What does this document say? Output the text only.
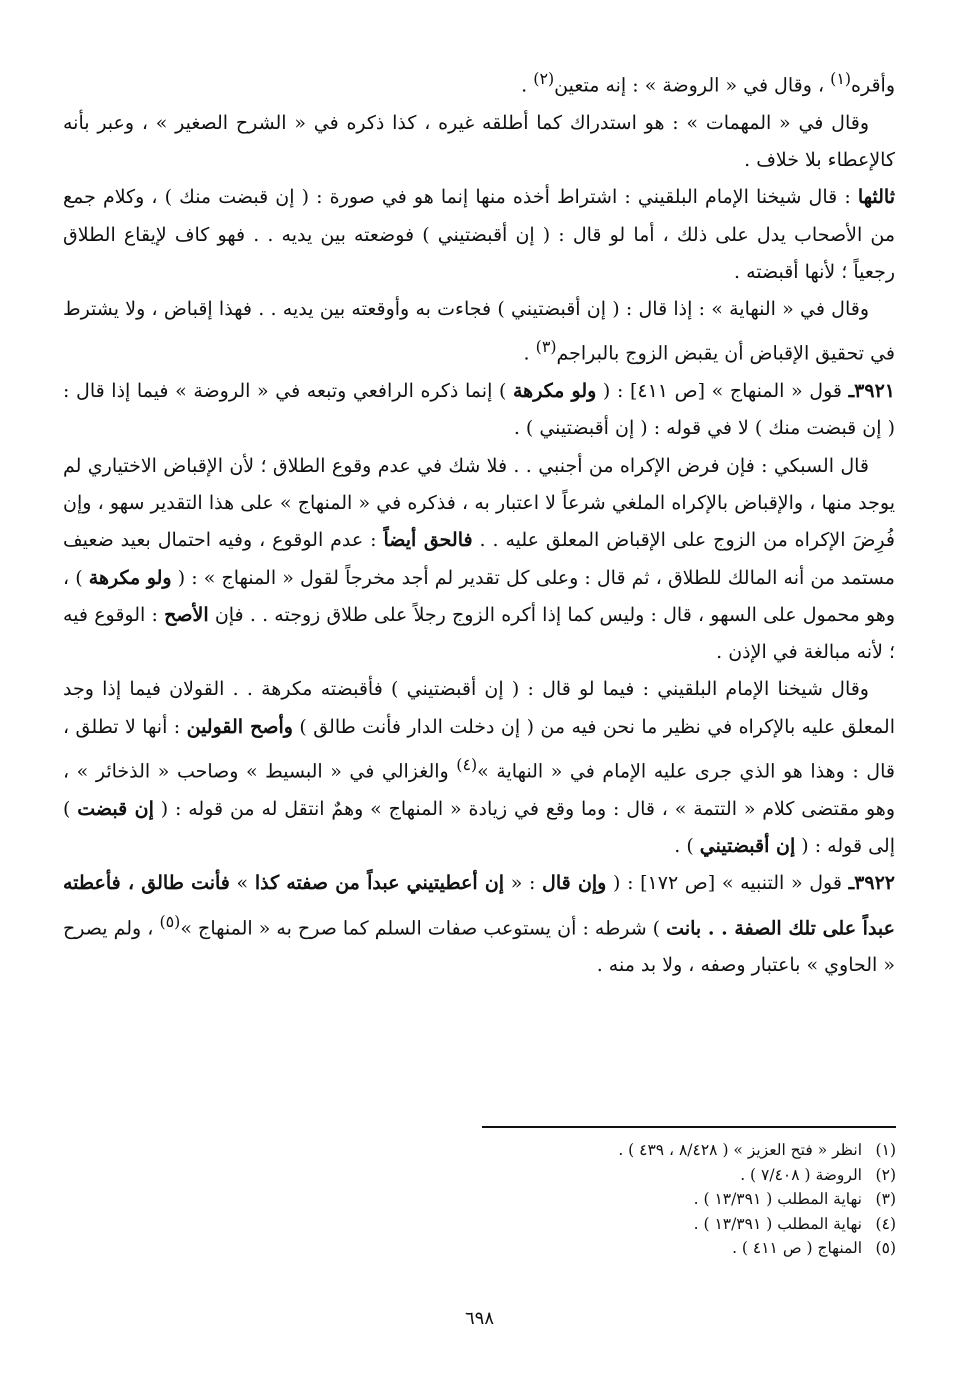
وأقره$^{(١)}$ ، وقال في « الروضة » : إنه متعين$^{(٢)}$ .

وقال في « المهمات » : هو استدراك كما أطلقه غيره ، كذا ذكره في « الشرح الصغير » ، وعبر بأنه كالإعطاء بلا خلاف .

ثالثها : قال شيخنا الإمام البلقيني : اشتراط أخذه منها إنما هو في صورة : ( إن قبضت منك ) ، وكلام جمع من الأصحاب يدل على ذلك ، أما لو قال : ( إن أقبضتيني ) فوضعته بين يديه . . فهو كاف لإيقاع الطلاق رجعياً ؛ لأنها أقبضته .

وقال في « النهاية » : إذا قال : ( إن أقبضتيني ) فجاءت به وأوقعته بين يديه . . فهذا إقباض ، ولا يشترط في تحقيق الإقباض أن يقبض الزوج بالبراجم$^{(٣)}$ .

٣٩٢١ـ قول « المنهاج » [ص ٤١١] : ( ولو مكرهة ) إنما ذكره الرافعي وتبعه في « الروضة » فيما إذا قال : ( إن قبضت منك ) لا في قوله : ( إن أقبضتيني ) .

قال السبكي : فإن فرض الإكراه من أجنبي . . فلا شك في عدم وقوع الطلاق ؛ لأن الإقباض الاختياري لم يوجد منها ، والإقباض بالإكراه الملغي شرعاً لا اعتبار به ، فذكره في « المنهاج » على هذا التقدير سهو ، وإن فُرِضَ الإكراه من الزوج على الإقباض المعلق عليه . . فالحق أيضاً : عدم الوقوع ، وفيه احتمال بعيد ضعيف مستمد من أنه المالك للطلاق ، ثم قال : وعلى كل تقدير لم أجد مخرجاً لقول « المنهاج » : ( ولو مكرهة ) ، وهو محمول على السهو ، قال : وليس كما إذا أكره الزوج رجلاً على طلاق زوجته . . فإن الأصح : الوقوع فيه ؛ لأنه مبالغة في الإذن .

وقال شيخنا الإمام البلقيني : فيما لو قال : ( إن أقبضتيني ) فأقبضته مكرهة . . القولان فيما إذا وجد المعلق عليه بالإكراه في نظير ما نحن فيه من ( إن دخلت الدار فأنت طالق ) وأصح القولين : أنها لا تطلق ، قال : وهذا هو الذي جرى عليه الإمام في « النهاية »$^{(٤)}$ والغزالي في « البسيط » وصاحب « الذخائر » ، وهو مقتضى كلام « التتمة » ، قال : وما وقع في زيادة « المنهاج » وهمٌ انتقل له من قوله : ( إن قبضت ) إلى قوله : ( إن أقبضتيني ) .

٣٩٢٢ـ قول « التنبيه » [ص ١٧٢] : ( وإن قال : « إن أعطيتيني عبداً من صفته كذا » فأنت طالق ، فأعطته عبداً على تلك الصفة . . بانت ) شرطه : أن يستوعب صفات السلم كما صرح به « المنهاج »$^{(٥)}$ ، ولم يصرح « الحاوي » باعتبار وصفه ، ولا بد منه .

(١)
انظر « فتح العزيز » ( ٨/٤٢٨ ، ٤٣٩ ) .
(٢)
الروضة ( ٧/٤٠٨ ) .
(٣)
نهاية المطلب ( ١٣/٣٩١ ) .
(٤)
نهاية المطلب ( ١٣/٣٩١ ) .
(٥)
المنهاج ( ص ٤١١ ) .
٦٩٨
